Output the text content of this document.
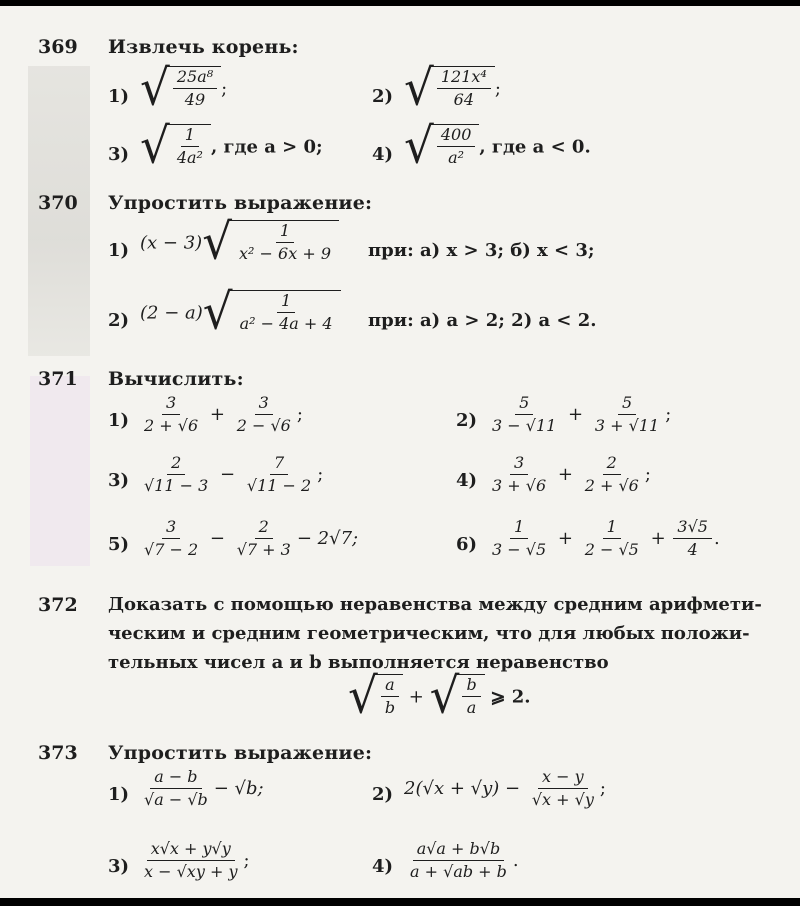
369 Извлечь корень:
1) √ $\frac{\text{25a⁸}}{49}$ ;	2) √ $\frac{\text{121x⁴}}{64}$ ;
3) √ $\frac{1}{\text{4a²}}$ , где a > 0;	4) √ $\frac{400}{\text{a²}}$ , где a < 0.
370 Упростить выражение:
1) (x − 3) √ $\frac{1}{\text{x² − 6x + 9}}$ при: а) x > 3; б) x < 3;
2) (2 − a) √ $\frac{1}{\text{a² − 4a + 4}}$ при: а) a > 2; 2) a < 2.
371 Вычислить:
$1) \frac{3}{2 + √6} + \frac{3}{2 - √6}$ ;	$2) \frac{5}{3 - √11} + \frac{5}{3 + √11}$ ;
$3) \frac{2}{√11 - 3} - \frac{7}{√11 - 2}$ ;	$4) \frac{3}{3 + √6} + \frac{2}{2 + √6}$ ;
$5) \frac{3}{√7 - 2} - \frac{2}{√7 + 3} - 2√7$;	$6) \frac{1}{3 - √5} + \frac{1}{2 - √5} + \frac{3√5}{4}$ .
372 Доказать с помощью неравенства между средним арифмети-
ческим и средним геометрическим, что для любых положи-
тельных чисел a и b выполняется неравенство
√ $\frac{a}{b}$ + √ $\frac{b}{a}$ ⩾ 2.
373 Упростить выражение:
$1) \frac{a - b}{√a - √b} - √b$;	2) $2(√x + √y) - \frac{x - y}{√x + √y}$ ;
$3) \frac{x√x + y√y}{x - √xy + y}$ ;	$4) \frac{a√a + b√b}{a + √ab + b}$ .
